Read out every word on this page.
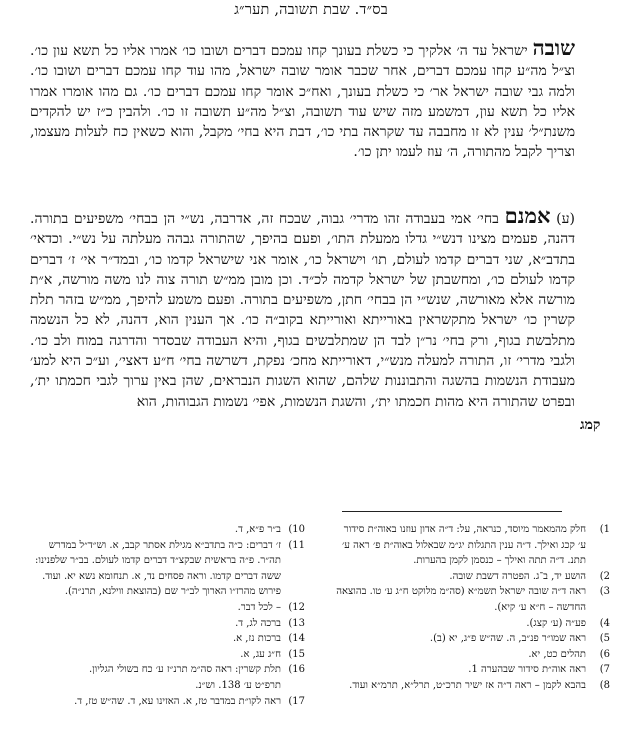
בס״ד. שבת תשובה, תער״ג

שובה ישראל עד ה׳ אלקיך כי כשלת בעונך קחו עמכם דברים ושובו כו׳ אמרו אליו כל תשא עון כו׳. וצ״ל מה״ע קחו עמכם דברים, אחר שכבר אומר שובה ישראל, מהו עוד קחו עמכם דברים ושובו כו׳. ולמה גבי שובה ישראל אר׳ כי כשלת בעונך, ואח״כ אומר קחו עמכם דברים כו׳. גם מהו אומרו אמרו אליו כל תשא עון, דמשמע מזה שיש עוד תשובה, וצ״ל מה״ע תשובה זו כו׳. ולהבין כ״ז יש להקדים משנת״ל׳ ענין לא זו מחבבה עד שקראה בתי כו׳, דבת היא בחי׳ מקבל, והוא כשאין כח לעלות מעצמו, וצריך לקבל מהתורה, ה׳ עוז לעמו יתן כו׳.

(ע) אמנם בחי׳ אמי בעבודה זהו מדרי׳ גבוה, שבכח זה, אדרבה, נש״י הן בבחי׳ משפיעים בתורה. דהנה, פעמים מצינו דנש״י גדלו ממעלת התו׳, ופעם בהיפך, שהתורה גבהה מעלתה על נש״י. וכדאי׳ בתדב״א, שני דברים קדמו לעולם, תו׳ וישראל כו׳, אומר אני שישראל קדמו כו׳, ובמד״ר אי׳ ז׳ דברים קדמו לעולם כו׳, ומחשבתן של ישראל קדמה לכ״ד. וכן מובן ממ״ש תורה צוה לנו משה מורשה, א״ת מורשה אלא מאורשה, שנש״י הן בבחי׳ חתן, משפיעים בתורה. ופעם משמע להיפך, ממ״ש בזהר תלת קשרין כו׳ ישראל מתקשראין באורייתא ואורייתא בקוב״ה כו׳. אך הענין הוא, דהנה, לא כל הנשמה מתלבשת בגוף, ורק בחי׳ נר״ן לבד הן שמתלבשים בגוף, והיא העבודה שבסדר והדרגה במוח ולב כו׳. ולגבי מדרי׳ זו, התורה למעלה מנש״י, דאורייתא מחכ׳ נפקת, דשרשה בחי׳ ח״ע דאצי׳, וע״כ היא למע׳ מעבודת הנשמות בהשגה והתבוננות שלהם, שהוא השגות הנבראים, שהן באין ערוך לגבי חכמתו ית׳, ובפרט שהתורה היא מהות חכמתו ית׳, והשגת הנשמות, אפי׳ נשמות הגבוהות, הוא

קמג
1)
חלק מהמאמר מיוסד, כנראה, על: ד״ה אדון עוזנו באוה״ת סידור ע׳ קכג ואילך. ד״ה ענין התגלות יג״מ שבאלול באוה״ת פ׳ ראה ע׳ תתנ. ד״ה תתה ואילך – כנסמן לקמן בהערות.
2)
הושע יד, ב־ג. הפטרה דשבת שובה.
3)
ראה ד״ה שובה ישראל תשמ״א (סה״מ מלוקט ח״ג ע׳ טו. בהוצאה החדשה – ח״א ע׳ קיא).
4)
פע״ה (ע׳ קצג).
5)
ראה שמו״ר פנ״ב, ה. שה״ש פ״ג, יא (ב).
6)
תהלים כט, יא.
7)
ראה אוה״ת סידור שבהערה 1.
8)
בהבא לקמן – ראה ד״ה אז ישיר תרכ״ט, תרל״א, תרמ״א ועוד.
10)
ב״ר פ״א, ד.
11)
ז׳ דברים: כ״ה בתדב״א מגילת אסתר קבב, א. וש״ד״ל במדרש תה״ר. פ״ה בראשית שבקצ״ד דברים קדמו לעולם. בב״ר שלפנינו: ששה דברים קדמו. וראה פסחים נד, א. תנחומא נשא יא. ועוד. פירוש מהרז״ו הארוך לב״ר שם (בהוצאת ווילנא, תרנ״ה).
12)
– לכל דבר.
13)
ברכה לג, ד.
14)
ברכות נז, א.
15)
ח״ג עג, א.
16)
תלת קשרין: ראה סה״מ תרנ״ז ע׳ כח בשולי הגליון.
תרפ״ט ע׳ 138. וש״נ.
17)
ראה לקו״ת במדבר טז, א. האזינו עא, ד. שה״ש טז, ד.
